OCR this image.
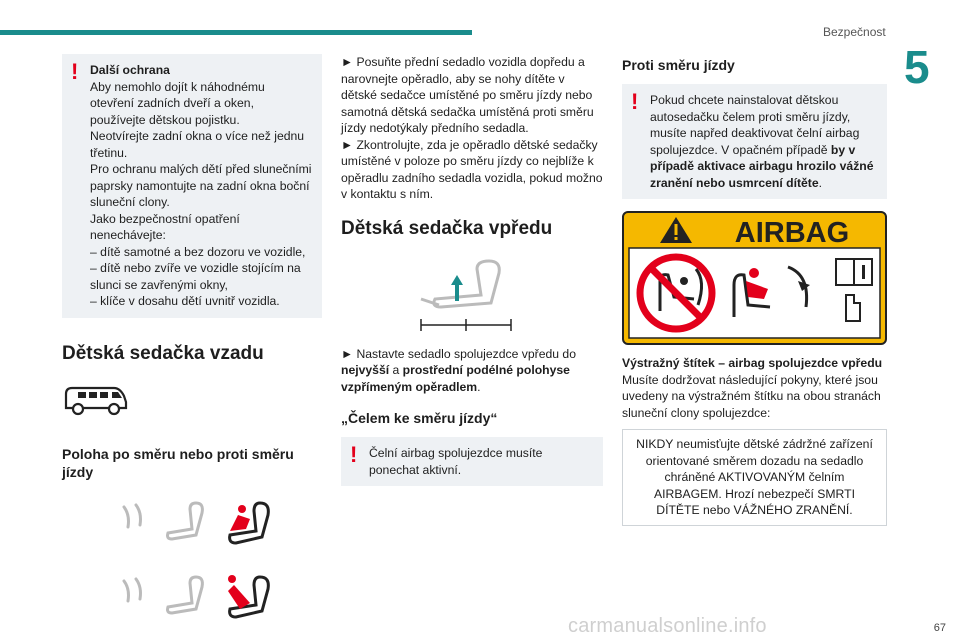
Bezpečnost
5
! Další ochrana

Aby nemohlo dojít k náhodnému otevření zadních dveří a oken, používejte dětskou pojistku.

Neotvírejte zadní okna o více než jednu třetinu.

Pro ochranu malých dětí před slunečními paprsky namontujte na zadní okna boční sluneční clony.

Jako bezpečnostní opatření nenechávejte:

– dítě samotné a bez dozoru ve vozidle,

– dítě nebo zvíře ve vozidle stojícím na slunci se zavřenými okny,

– klíče v dosahu dětí uvnitř vozidla.

Dětská sedačka vzadu
Poloha po směru nebo proti směru jízdy

► Posuňte přední sedadlo vozidla dopředu a narovnejte opěradlo, aby se nohy dítěte v dětské sedačce umístěné po směru jízdy nebo samotná dětská sedačka umístěná proti směru jízdy nedotýkaly předního sedadla.

► Zkontrolujte, zda je opěradlo dětské sedačky umístěné v poloze po směru jízdy co nejblíže k opěradlu zadního sedadla vozidla, pokud možno v kontaktu s ním.

Dětská sedačka vpředu

► Nastavte sedadlo spolujezdce vpředu do nejvyšší a prostřední podélné polohyse vzpřímeným opěradlem.

„Čelem ke směru jízdy“
! Čelní airbag spolujezdce musíte ponechat aktivní.

Proti směru jízdy
! Pokud chcete nainstalovat dětskou autosedačku čelem proti směru jízdy, musíte napřed deaktivovat čelní airbag spolujezdce. V opačném případě by v případě aktivace airbagu hrozilo vážné zranění nebo usmrcení dítěte.

AIRBAG

Výstražný štítek – airbag spolujezdce vpředu
Musíte dodržovat následující pokyny, které jsou uvedeny na výstražném štítku na obou stranách sluneční clony spolujezdce:

NIKDY neumisťujte dětské zádržné zařízení orientované směrem dozadu na sedadlo chráněné AKTIVOVANÝM čelním AIRBAGEM. Hrozí nebezpečí SMRTI DÍTĚTE nebo VÁŽNÉHO ZRANĚNÍ.
carmanualsonline.info	67
